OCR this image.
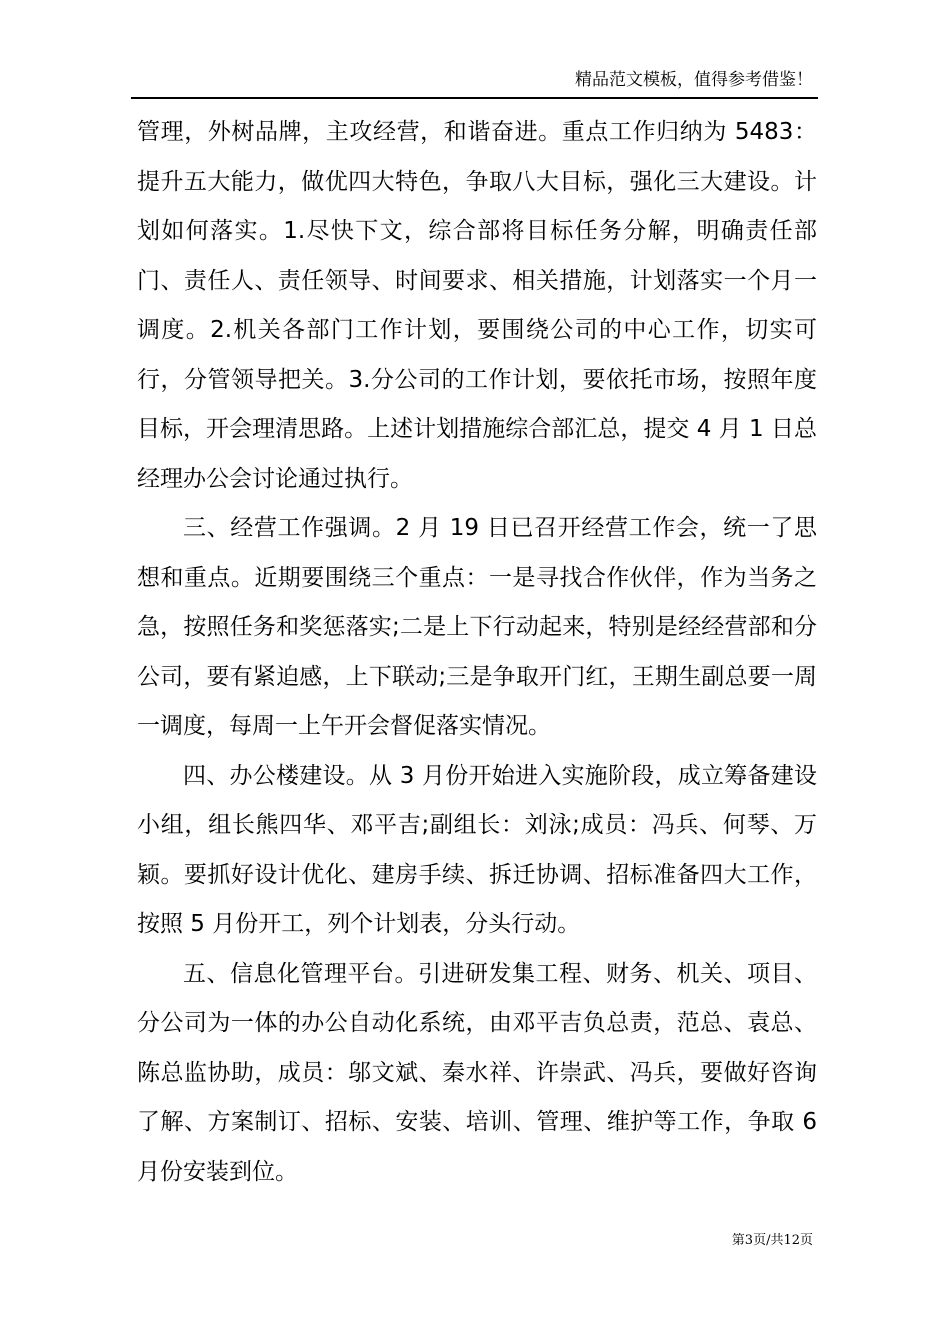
精品范文模板，值得参考借鉴！

管理，外树品牌，主攻经营，和谐奋进。重点工作归纳为 5483：提升五大能力，做优四大特色，争取八大目标，强化三大建设。计划如何落实。1.尽快下文，综合部将目标任务分解，明确责任部门、责任人、责任领导、时间要求、相关措施，计划落实一个月一调度。2.机关各部门工作计划，要围绕公司的中心工作，切实可行，分管领导把关。3.分公司的工作计划，要依托市场，按照年度目标，开会理清思路。上述计划措施综合部汇总，提交 4 月 1 日总经理办公会讨论通过执行。

三、经营工作强调。2 月 19 日已召开经营工作会，统一了思想和重点。近期要围绕三个重点：一是寻找合作伙伴，作为当务之急，按照任务和奖惩落实;二是上下行动起来，特别是经经营部和分公司，要有紧迫感，上下联动;三是争取开门红，王期生副总要一周一调度，每周一上午开会督促落实情况。

四、办公楼建设。从 3 月份开始进入实施阶段，成立筹备建设小组，组长熊四华、邓平吉;副组长：刘泳;成员：冯兵、何琴、万颖。要抓好设计优化、建房手续、拆迁协调、招标准备四大工作，按照 5 月份开工，列个计划表，分头行动。

五、信息化管理平台。引进研发集工程、财务、机关、项目、分公司为一体的办公自动化系统，由邓平吉负总责，范总、袁总、陈总监协助，成员：邬文斌、秦水祥、许崇武、冯兵，要做好咨询了解、方案制订、招标、安装、培训、管理、维护等工作，争取 6 月份安装到位。

第3页/共12页
